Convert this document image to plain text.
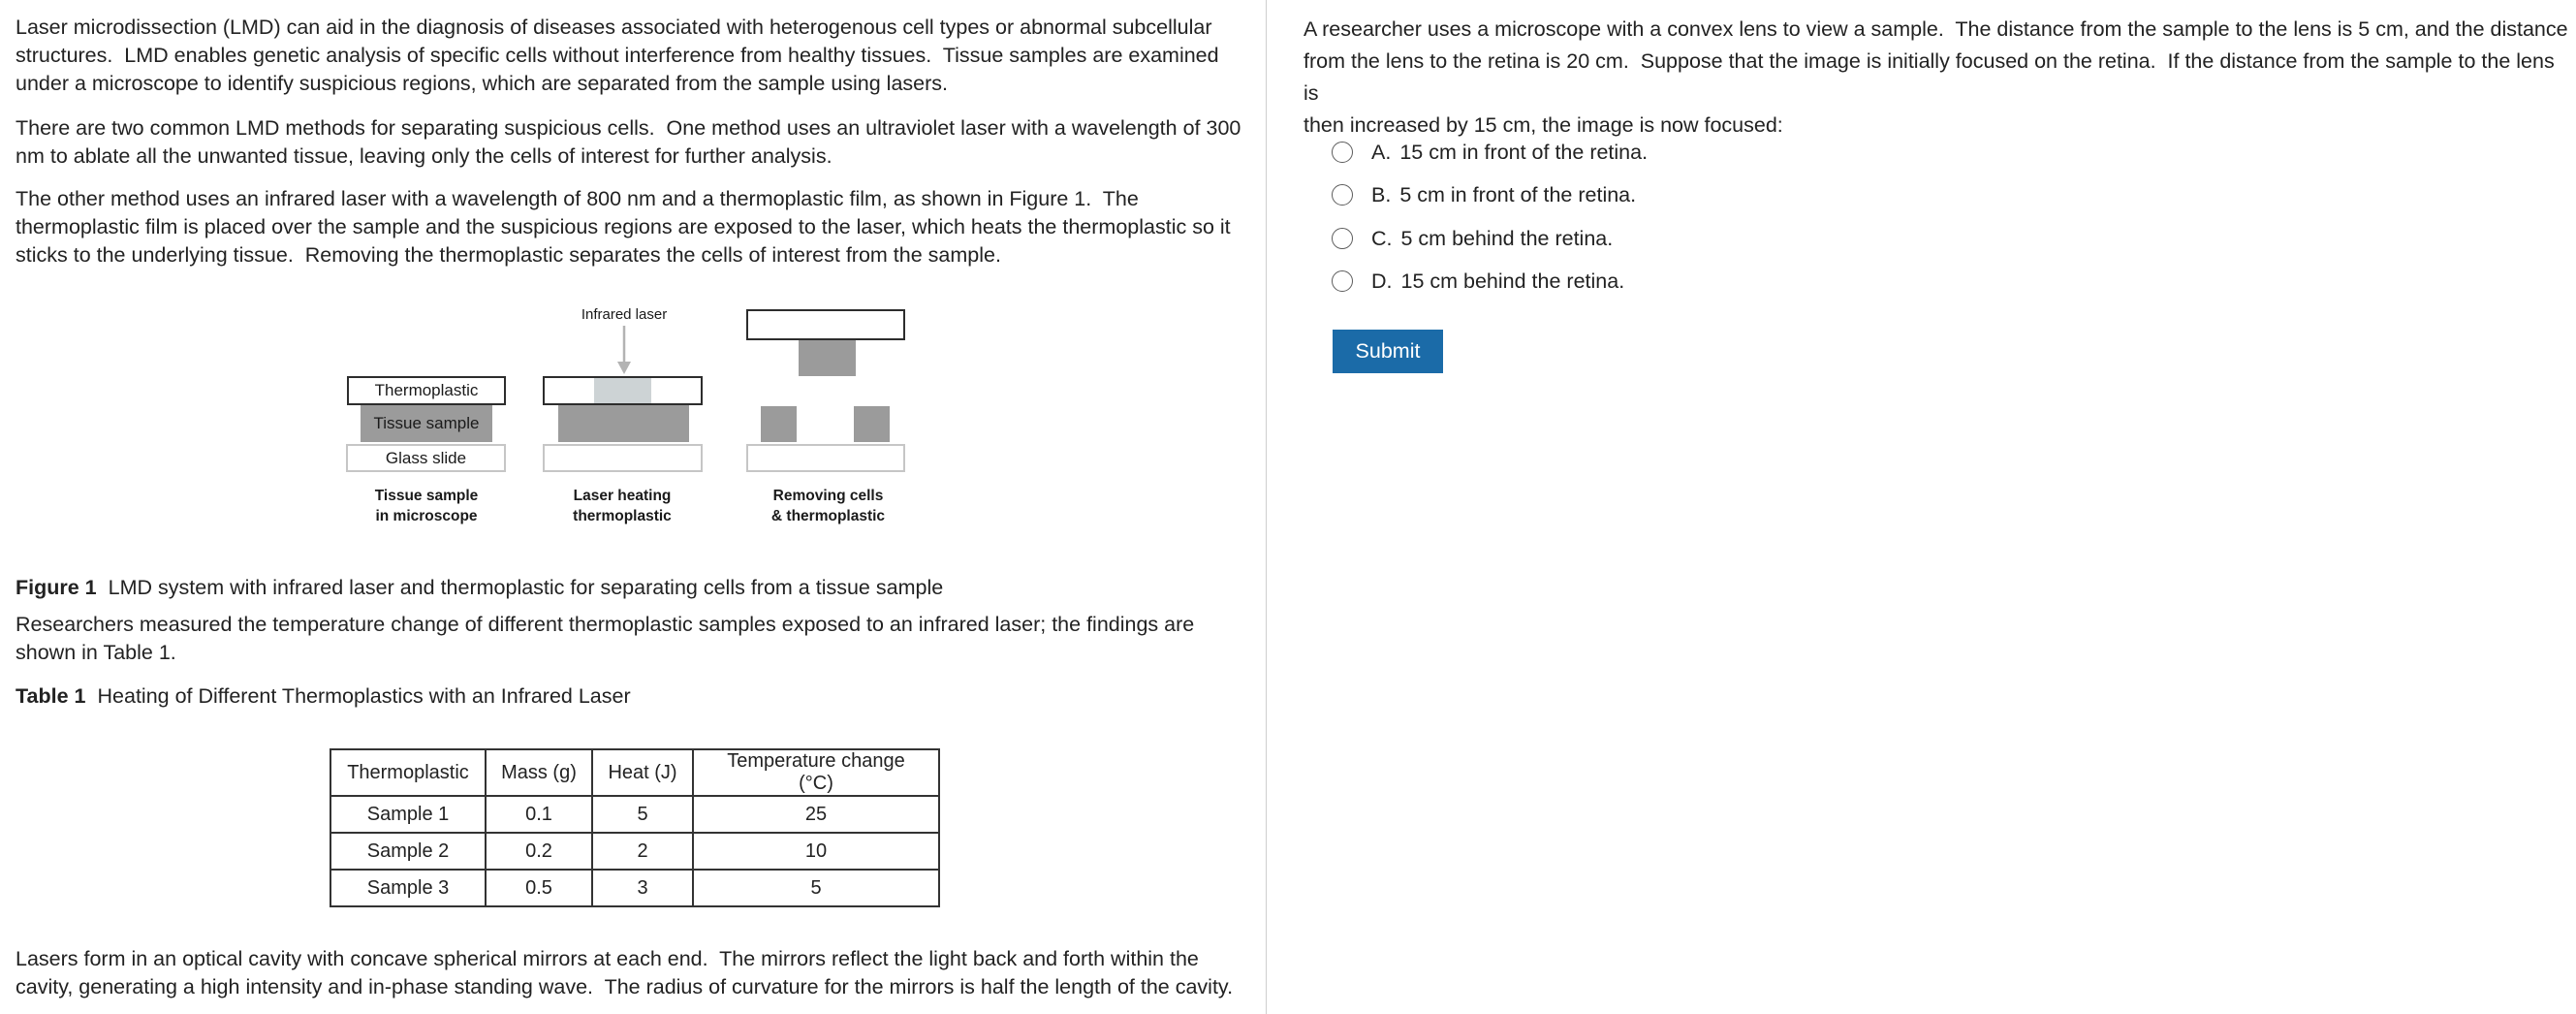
Laser microdissection (LMD) can aid in the diagnosis of diseases associated with heterogenous cell types or abnormal subcellular
structures.  LMD enables genetic analysis of specific cells without interference from healthy tissues.  Tissue samples are examined
under a microscope to identify suspicious regions, which are separated from the sample using lasers.
There are two common LMD methods for separating suspicious cells.  One method uses an ultraviolet laser with a wavelength of 300
nm to ablate all the unwanted tissue, leaving only the cells of interest for further analysis.
The other method uses an infrared laser with a wavelength of 800 nm and a thermoplastic film, as shown in Figure 1.  The
thermoplastic film is placed over the sample and the suspicious regions are exposed to the laser, which heats the thermoplastic so it
sticks to the underlying tissue.  Removing the thermoplastic separates the cells of interest from the sample.
Thermoplastic
Tissue sample
Glass slide
Tissue sample
in microscope
Infrared laser
Laser heating
thermoplastic
Removing cells
& thermoplastic
Figure 1 LMD system with infrared laser and thermoplastic for separating cells from a tissue sample
Researchers measured the temperature change of different thermoplastic samples exposed to an infrared laser; the findings are
shown in Table 1.
Table 1 Heating of Different Thermoplastics with an Infrared Laser
Thermoplastic	Mass (g)	Heat (J)	Temperature change (°C)
Sample 1	0.1	5	25
Sample 2	0.2	2	10
Sample 3	0.5	3	5
Lasers form in an optical cavity with concave spherical mirrors at each end.  The mirrors reflect the light back and forth within the
cavity, generating a high intensity and in-phase standing wave.  The radius of curvature for the mirrors is half the length of the cavity.
A researcher uses a microscope with a convex lens to view a sample.  The distance from the sample to the lens is 5 cm, and the distance
from the lens to the retina is 20 cm.  Suppose that the image is initially focused on the retina.  If the distance from the sample to the lens is
then increased by 15 cm, the image is now focused:
A. 15 cm in front of the retina.
B. 5 cm in front of the retina.
C. 5 cm behind the retina.
D. 15 cm behind the retina.
Submit
